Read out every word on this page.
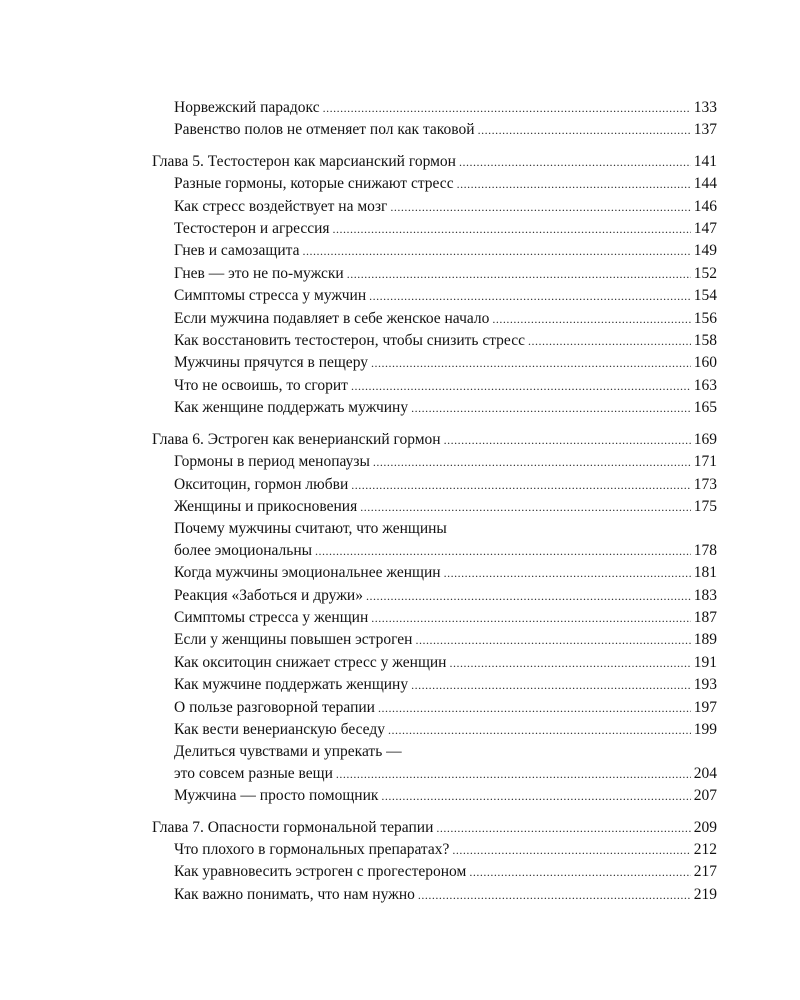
Норвежский парадокс .....	133
Равенство полов не отменяет пол как таковой .....	137
Глава 5. Тестостерон как марсианский гормон .....	141
Разные гормоны, которые снижают стресс .....	144
Как стресс воздействует на мозг .....	146
Тестостерон и агрессия .....	147
Гнев и самозащита .....	149
Гнев — это не по-мужски .....	152
Симптомы стресса у мужчин .....	154
Если мужчина подавляет в себе женское начало .....	156
Как восстановить тестостерон, чтобы снизить стресс .....	158
Мужчины прячутся в пещеру .....	160
Что не освоишь, то сгорит .....	163
Как женщине поддержать мужчину .....	165
Глава 6. Эстроген как венерианский гормон .....	169
Гормоны в период менопаузы .....	171
Окситоцин, гормон любви .....	173
Женщины и прикосновения .....	175
Почему мужчины считают, что женщины
более эмоциональны .....	178
Когда мужчины эмоциональнее женщин .....	181
Реакция «Заботься и дружи» .....	183
Симптомы стресса у женщин .....	187
Если у женщины повышен эстроген .....	189
Как окситоцин снижает стресс у женщин .....	191
Как мужчине поддержать женщину .....	193
О пользе разговорной терапии .....	197
Как вести венерианскую беседу .....	199
Делиться чувствами и упрекать —
это совсем разные вещи .....	204
Мужчина — просто помощник .....	207
Глава 7. Опасности гормональной терапии .....	209
Что плохого в гормональных препаратах? .....	212
Как уравновесить эстроген с прогестероном .....	217
Как важно понимать, что нам нужно .....	219
